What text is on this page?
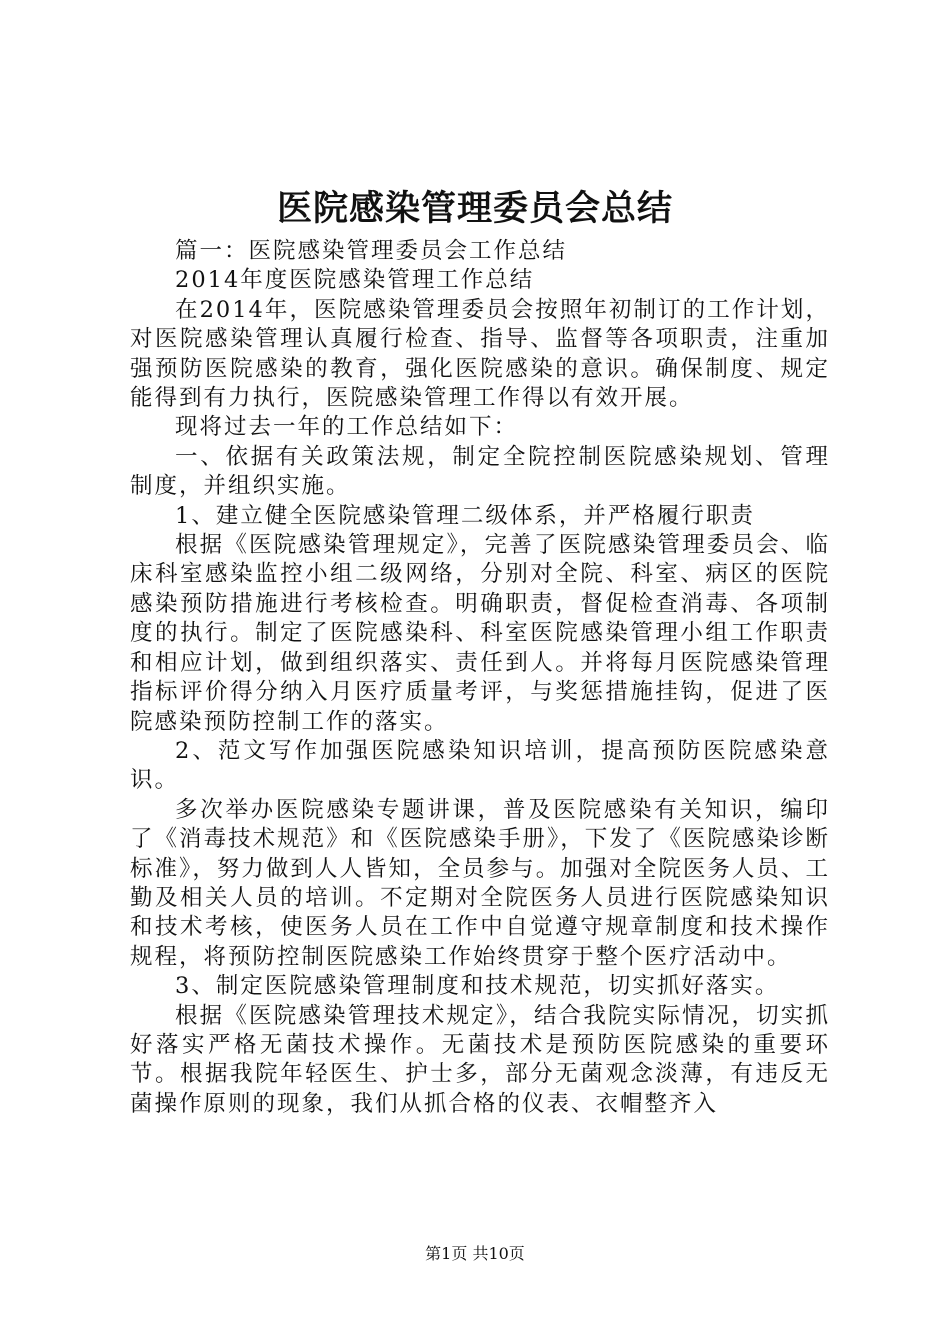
医院感染管理委员会总结

篇一：医院感染管理委员会工作总结

2014年度医院感染管理工作总结

在2014年，医院感染管理委员会按照年初制订的工作计划，对医院感染管理认真履行检查、指导、监督等各项职责，注重加强预防医院感染的教育，强化医院感染的意识。确保制度、规定能得到有力执行，医院感染管理工作得以有效开展。

现将过去一年的工作总结如下：

一、依据有关政策法规，制定全院控制医院感染规划、管理制度，并组织实施。

1、建立健全医院感染管理二级体系，并严格履行职责

根据《医院感染管理规定》，完善了医院感染管理委员会、临床科室感染监控小组二级网络，分别对全院、科室、病区的医院感染预防措施进行考核检查。明确职责，督促检查消毒、各项制度的执行。制定了医院感染科、科室医院感染管理小组工作职责和相应计划，做到组织落实、责任到人。并将每月医院感染管理指标评价得分纳入月医疗质量考评，与奖惩措施挂钩，促进了医院感染预防控制工作的落实。

2、范文写作加强医院感染知识培训，提高预防医院感染意识。

多次举办医院感染专题讲课，普及医院感染有关知识，编印了《消毒技术规范》和《医院感染手册》，下发了《医院感染诊断标准》，努力做到人人皆知，全员参与。加强对全院医务人员、工勤及相关人员的培训。不定期对全院医务人员进行医院感染知识和技术考核，使医务人员在工作中自觉遵守规章制度和技术操作规程，将预防控制医院感染工作始终贯穿于整个医疗活动中。

3、制定医院感染管理制度和技术规范，切实抓好落实。

根据《医院感染管理技术规定》，结合我院实际情况，切实抓好落实严格无菌技术操作。无菌技术是预防医院感染的重要环节。根据我院年轻医生、护士多，部分无菌观念淡薄，有违反无菌操作原则的现象，我们从抓合格的仪表、衣帽整齐入

第1页 共10页
